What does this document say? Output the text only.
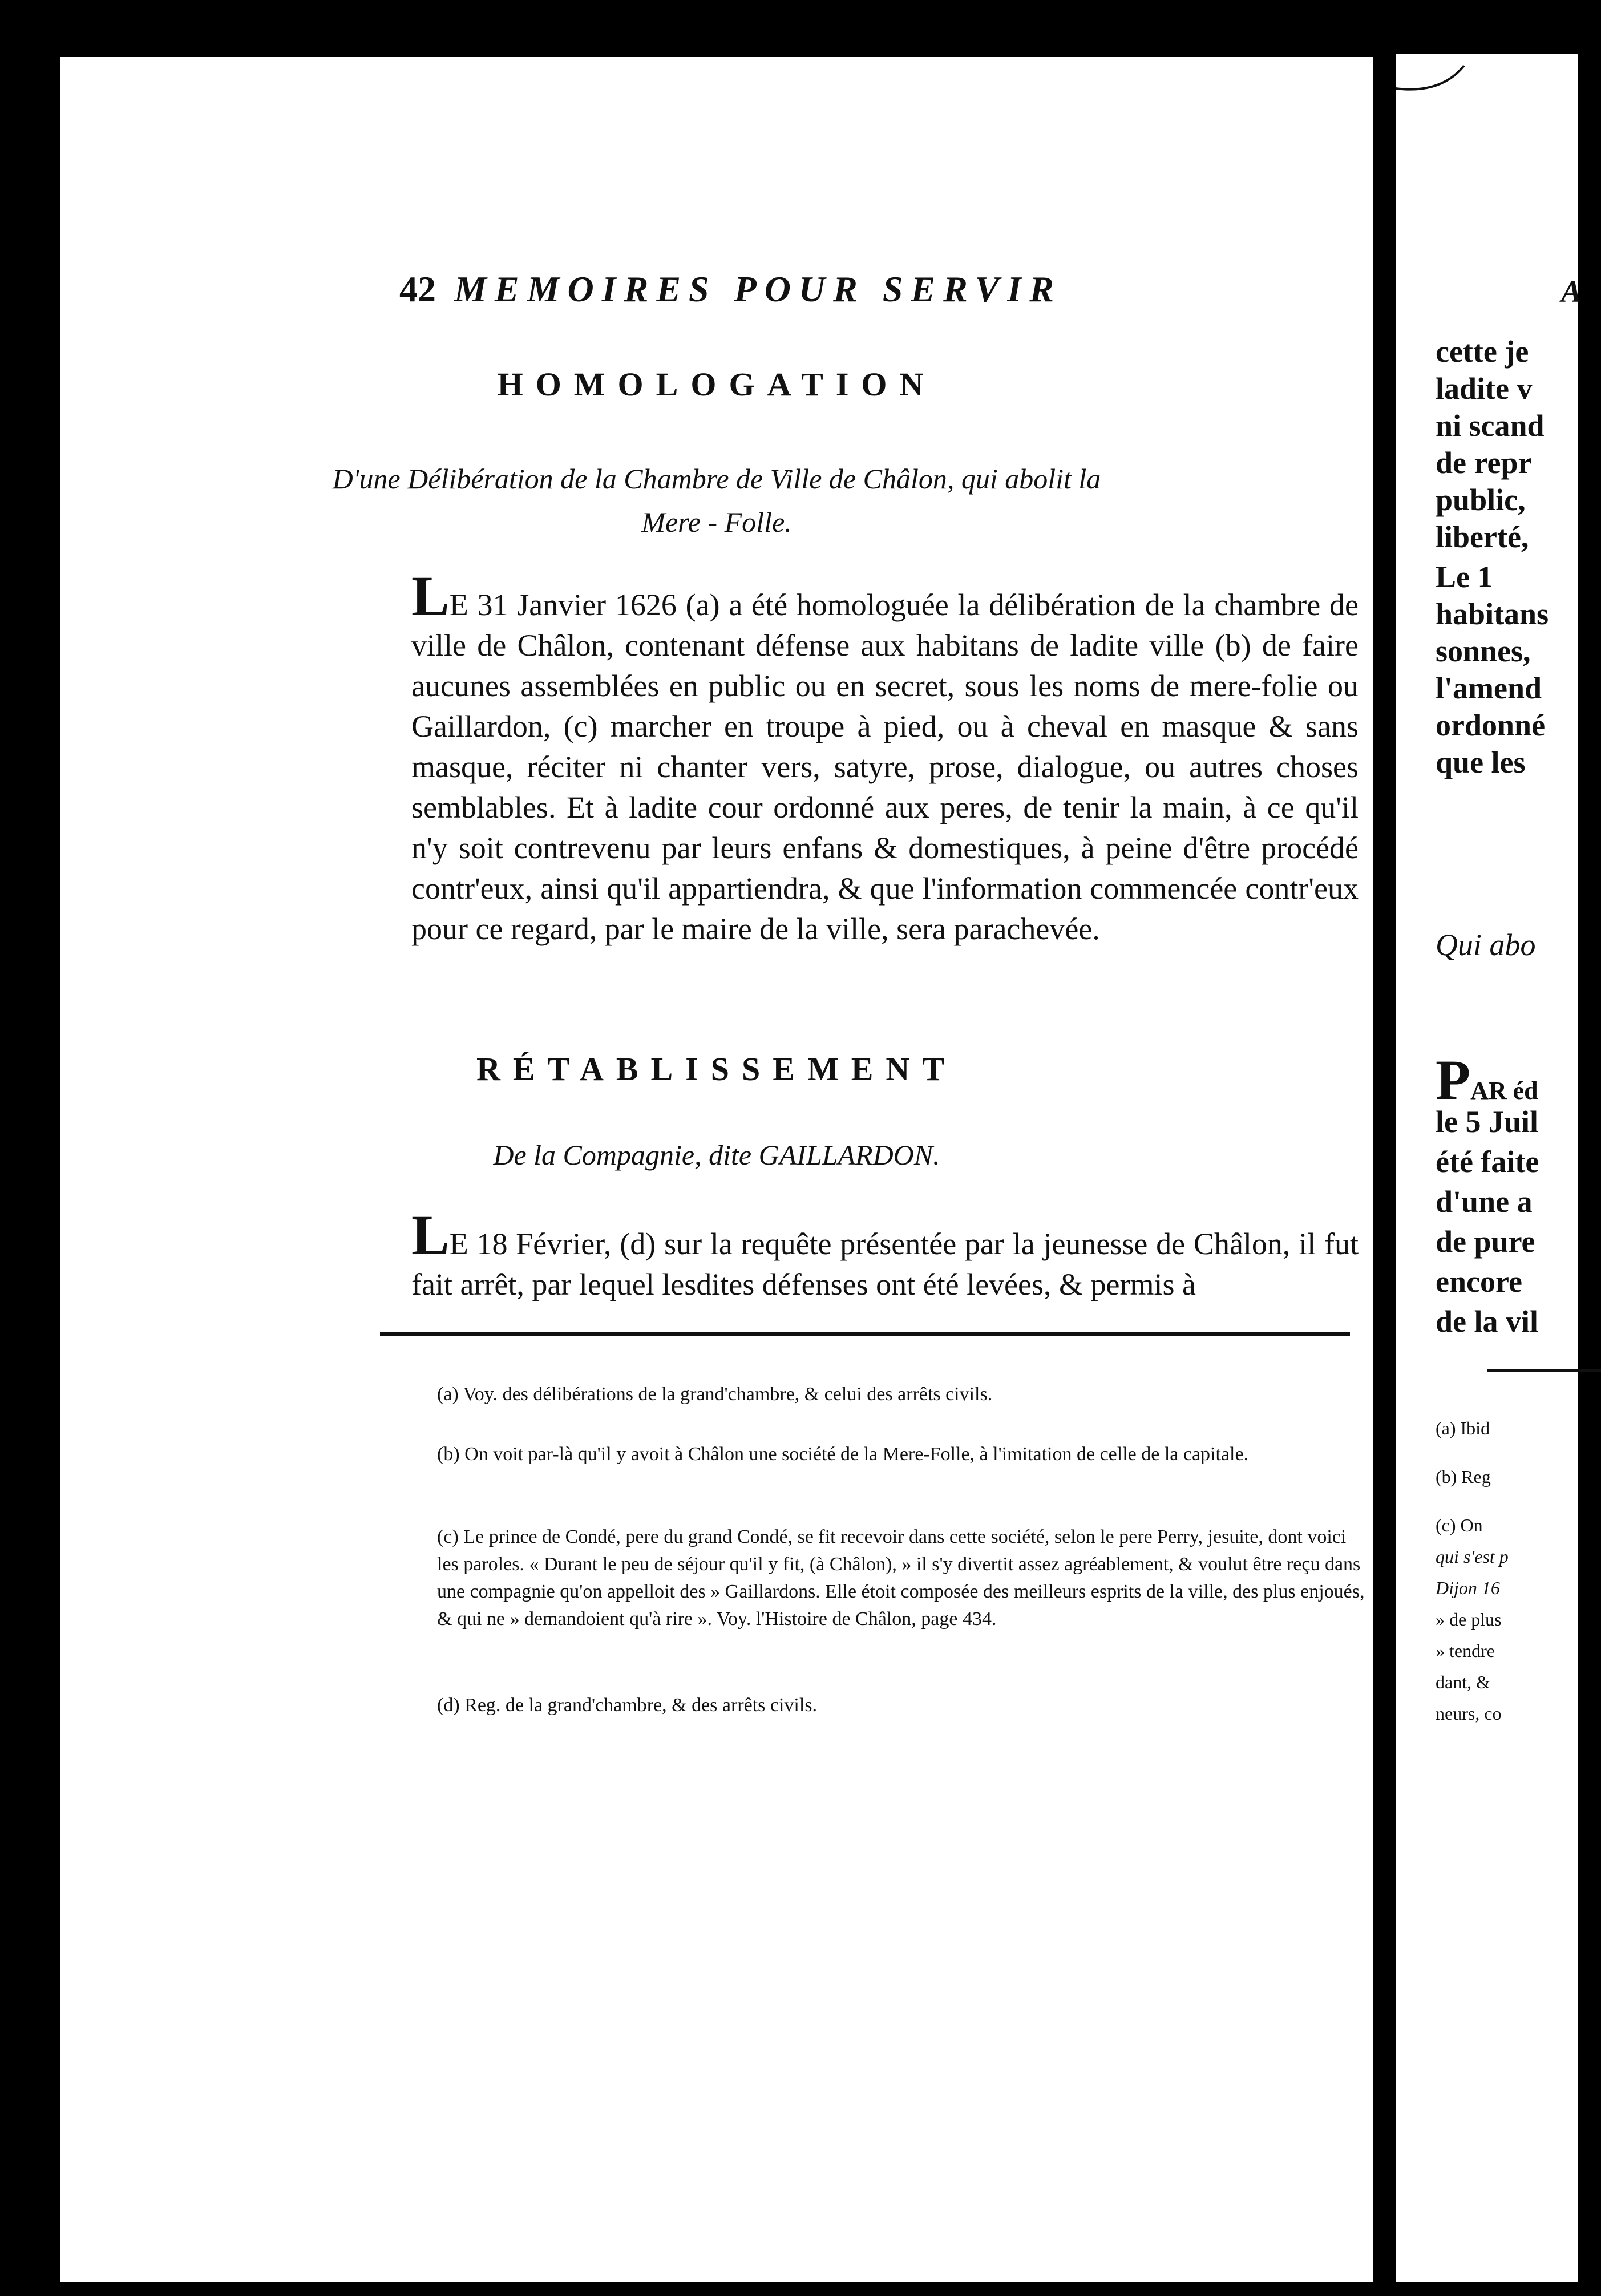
42 MEMOIRES POUR SERVIR
HOMOLOGATION
D'une Délibération de la Chambre de Ville de Châlon, qui abolit la
Mere - Folle.
LE 31 Janvier 1626 (a) a été homologuée la délibération de la chambre de ville de Châlon, contenant défense aux habitans de ladite ville (b) de faire aucunes assemblées en public ou en secret, sous les noms de mere-folie ou Gaillardon, (c) marcher en troupe à pied, ou à cheval en masque & sans masque, réciter ni chanter vers, satyre, prose, dialogue, ou autres choses semblables. Et à ladite cour ordonné aux peres, de tenir la main, à ce qu'il n'y soit contrevenu par leurs enfans & domestiques, à peine d'être procédé contr'eux, ainsi qu'il appartiendra, & que l'information commencée contr'eux pour ce regard, par le maire de la ville, sera parachevée.
RÉTABLISSEMENT
De la Compagnie, dite GAILLARDON.
LE 18 Février, (d) sur la requête présentée par la jeunesse de Châlon, il fut fait arrêt, par lequel lesdites défenses ont été levées, & permis à
(a) Voy. des délibérations de la grand'chambre, & celui des arrêts civils.
(b) On voit par-là qu'il y avoit à Châlon une société de la Mere-Folle, à l'imitation de celle de la capitale.
(c) Le prince de Condé, pere du grand Condé, se fit recevoir dans cette société, selon le pere Perry, jesuite, dont voici les paroles. « Durant le peu de séjour qu'il y fit, (à Châlon), » il s'y divertit assez agréablement, & voulut être reçu dans une compagnie qu'on appelloit des » Gaillardons. Elle étoit composée des meilleurs esprits de la ville, des plus enjoués, & qui ne » demandoient qu'à rire ». Voy. l'Histoire de Châlon, page 434.
(d) Reg. de la grand'chambre, & des arrêts civils.
A
cette je
ladite v
ni scand
de repr
public,
liberté,
Le 1
habitans
sonnes,
l'amend
ordonné
que les
Qui abo
PAR éd
le 5 Juil
été faite
d'une a
de pure
encore
de la vil
(a) Ibid
(b) Reg
(c) On
qui s'est p
Dijon 16
» de plus
» tendre
dant, &
neurs, co
